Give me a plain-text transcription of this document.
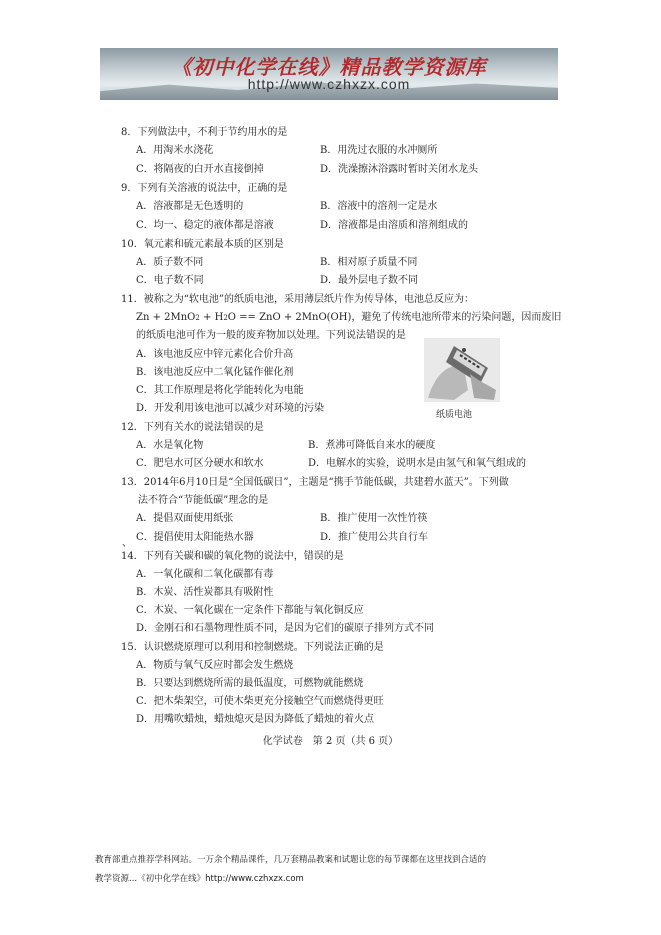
《初中化学在线》精品教学资源库
http://www.czhxzx.com
8．下列做法中，不利于节约用水的是
A．用淘米水浇花	B．用洗过衣服的水冲厕所
C．将隔夜的白开水直接倒掉	D．洗澡擦沐浴露时暂时关闭水龙头
9．下列有关溶液的说法中，正确的是
A．溶液都是无色透明的	B．溶液中的溶剂一定是水
C．均一、稳定的液体都是溶液	D．溶液都是由溶质和溶剂组成的
10．氧元素和硫元素最本质的区别是
A．质子数不同	B．相对原子质量不同
C．电子数不同	D．最外层电子数不同
11．被称之为“软电池”的纸质电池，采用薄层纸片作为传导体，电池总反应为：
Zn + 2MnO2 + H2O == ZnO + 2MnO(OH)，避免了传统电池所带来的污染问题，因而废旧
的纸质电池可作为一般的废弃物加以处理。下列说法错误的是
A．该电池反应中锌元素化合价升高
B．该电池反应中二氧化锰作催化剂
C．其工作原理是将化学能转化为电能
D．开发利用该电池可以减少对环境的污染
纸质电池
12．下列有关水的说法错误的是
A．水是氧化物	B．煮沸可降低自来水的硬度
C．肥皂水可区分硬水和软水	D．电解水的实验，说明水是由氢气和氧气组成的
13．2014年6月10日是“全国低碳日”，主题是“携手节能低碳，共建碧水蓝天”。下列做
法不符合“节能低碳”理念的是
A．提倡双面使用纸张	B．推广使用一次性竹筷
C．提倡使用太阳能热水器	D．推广使用公共自行车
、
14．下列有关碳和碳的氧化物的说法中，错误的是
A．一氧化碳和二氧化碳都有毒
B．木炭、活性炭都具有吸附性
C．木炭、一氧化碳在一定条件下都能与氧化铜反应
D．金刚石和石墨物理性质不同，是因为它们的碳原子排列方式不同
15．认识燃烧原理可以利用和控制燃烧。下列说法正确的是
A．物质与氧气反应时都会发生燃烧
B．只要达到燃烧所需的最低温度，可燃物就能燃烧
C．把木柴架空，可使木柴更充分接触空气而燃烧得更旺
D．用嘴吹蜡烛，蜡烛熄灭是因为降低了蜡烛的着火点
化学试卷　第 2 页（共 6 页）
教育部重点推荐学科网站。一万余个精品课件，几万套精品教案和试题让您的每节课都在这里找到合适的
教学资源...《初中化学在线》http://www.czhxzx.com
